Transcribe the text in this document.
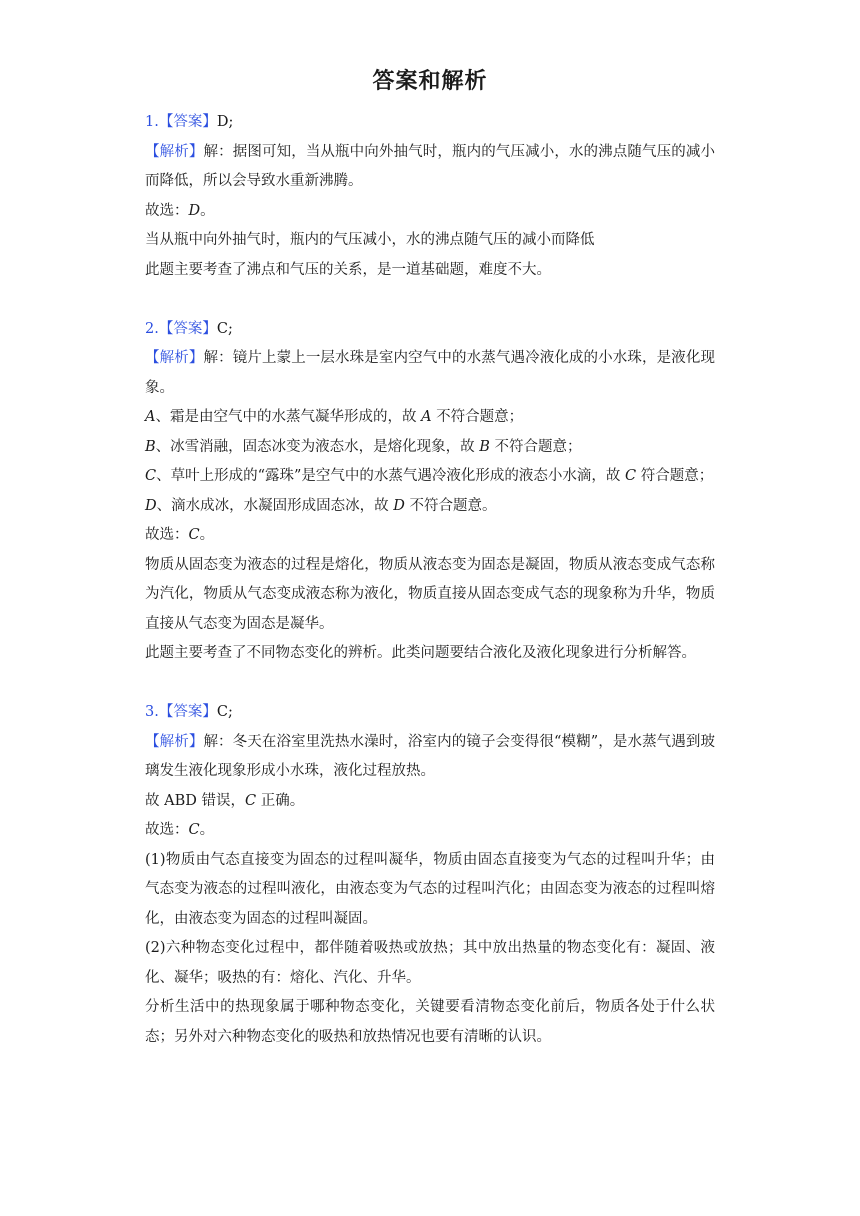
答案和解析

1.【答案】D;

【解析】解：据图可知，当从瓶中向外抽气时，瓶内的气压减小，水的沸点随气压的减小而降低，所以会导致水重新沸腾。

故选：D。

当从瓶中向外抽气时，瓶内的气压减小，水的沸点随气压的减小而降低

此题主要考查了沸点和气压的关系，是一道基础题，难度不大。

2.【答案】C;

【解析】解：镜片上蒙上一层水珠是室内空气中的水蒸气遇冷液化成的小水珠，是液化现象。

A、霜是由空气中的水蒸气凝华形成的，故 A 不符合题意；

B、冰雪消融，固态冰变为液态水，是熔化现象，故 B 不符合题意；

C、草叶上形成的“露珠”是空气中的水蒸气遇冷液化形成的液态小水滴，故 C 符合题意；

D、滴水成冰，水凝固形成固态冰，故 D 不符合题意。

故选：C。

物质从固态变为液态的过程是熔化，物质从液态变为固态是凝固，物质从液态变成气态称为汽化，物质从气态变成液态称为液化，物质直接从固态变成气态的现象称为升华，物质直接从气态变为固态是凝华。

此题主要考查了不同物态变化的辨析。此类问题要结合液化及液化现象进行分析解答。

3.【答案】C;

【解析】解：冬天在浴室里洗热水澡时，浴室内的镜子会变得很“模糊”，是水蒸气遇到玻璃发生液化现象形成小水珠，液化过程放热。

故 ABD 错误，C 正确。

故选：C。

(1)物质由气态直接变为固态的过程叫凝华，物质由固态直接变为气态的过程叫升华；由气态变为液态的过程叫液化，由液态变为气态的过程叫汽化；由固态变为液态的过程叫熔化，由液态变为固态的过程叫凝固。

(2)六种物态变化过程中，都伴随着吸热或放热；其中放出热量的物态变化有：凝固、液化、凝华；吸热的有：熔化、汽化、升华。

分析生活中的热现象属于哪种物态变化，关键要看清物态变化前后，物质各处于什么状态；另外对六种物态变化的吸热和放热情况也要有清晰的认识。
